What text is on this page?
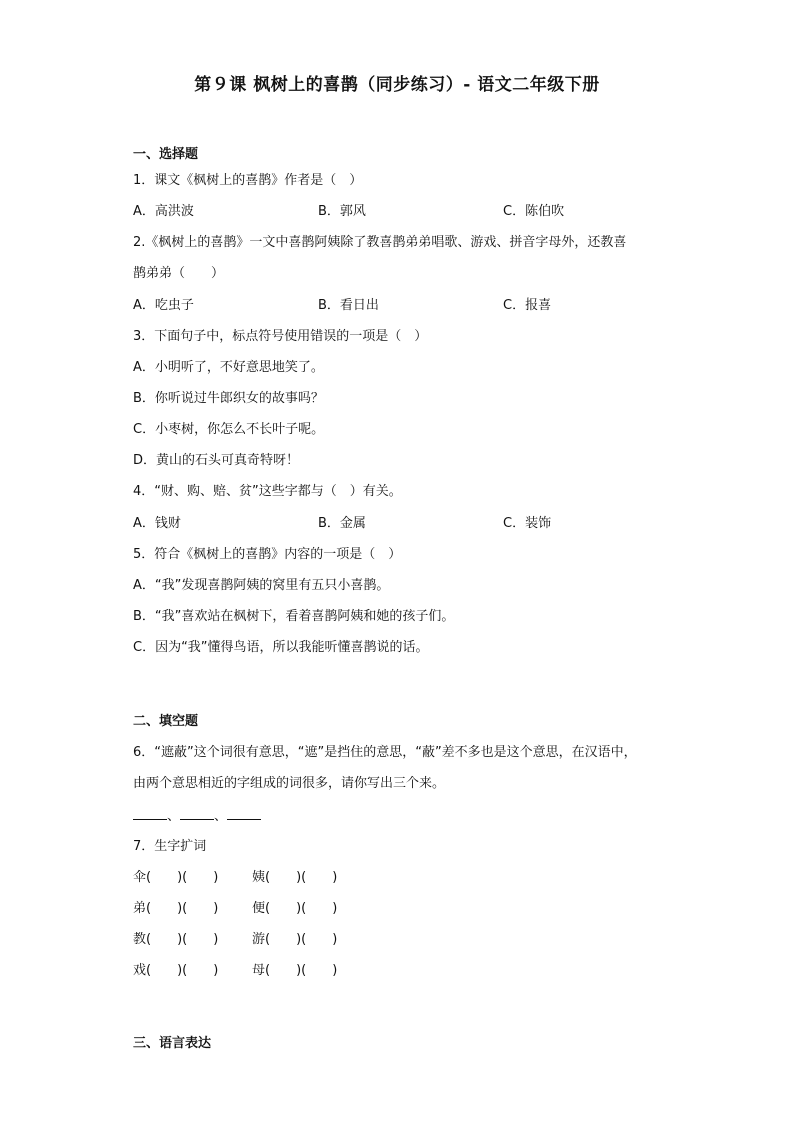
第９课 枫树上的喜鹊（同步练习）- 语文二年级下册
一、选择题
1．课文《枫树上的喜鹊》作者是（　）
A．高洪波	B．郭风	C．陈伯吹
2.《枫树上的喜鹊》一文中喜鹊阿姨除了教喜鹊弟弟唱歌、游戏、拼音字母外，还教喜
鹊弟弟（　　）
A．吃虫子	B．看日出	C．报喜
3．下面句子中，标点符号使用错误的一项是（　）
A．小明听了，不好意思地笑了。
B．你听说过牛郎织女的故事吗？
C．小枣树，你怎么不长叶子呢。
D．黄山的石头可真奇特呀！
4．“财、购、赔、贫”这些字都与（　）有关。
A．钱财	B．金属	C．装饰
5．符合《枫树上的喜鹊》内容的一项是（　）
A．“我”发现喜鹊阿姨的窝里有五只小喜鹊。
B．“我”喜欢站在枫树下，看着喜鹊阿姨和她的孩子们。
C．因为“我”懂得鸟语，所以我能听懂喜鹊说的话。
二、填空题
6．“遮蔽”这个词很有意思，“遮”是挡住的意思，“蔽”差不多也是这个意思，在汉语中，
由两个意思相近的字组成的词很多，请你写出三个来。
、	、
7．生字扩词
伞(　　)(　　)	姨(　　)(　　)
弟(　　)(　　)	便(　　)(　　)
教(　　)(　　)	游(　　)(　　)
戏(　　)(　　)	母(　　)(　　)
三、语言表达
